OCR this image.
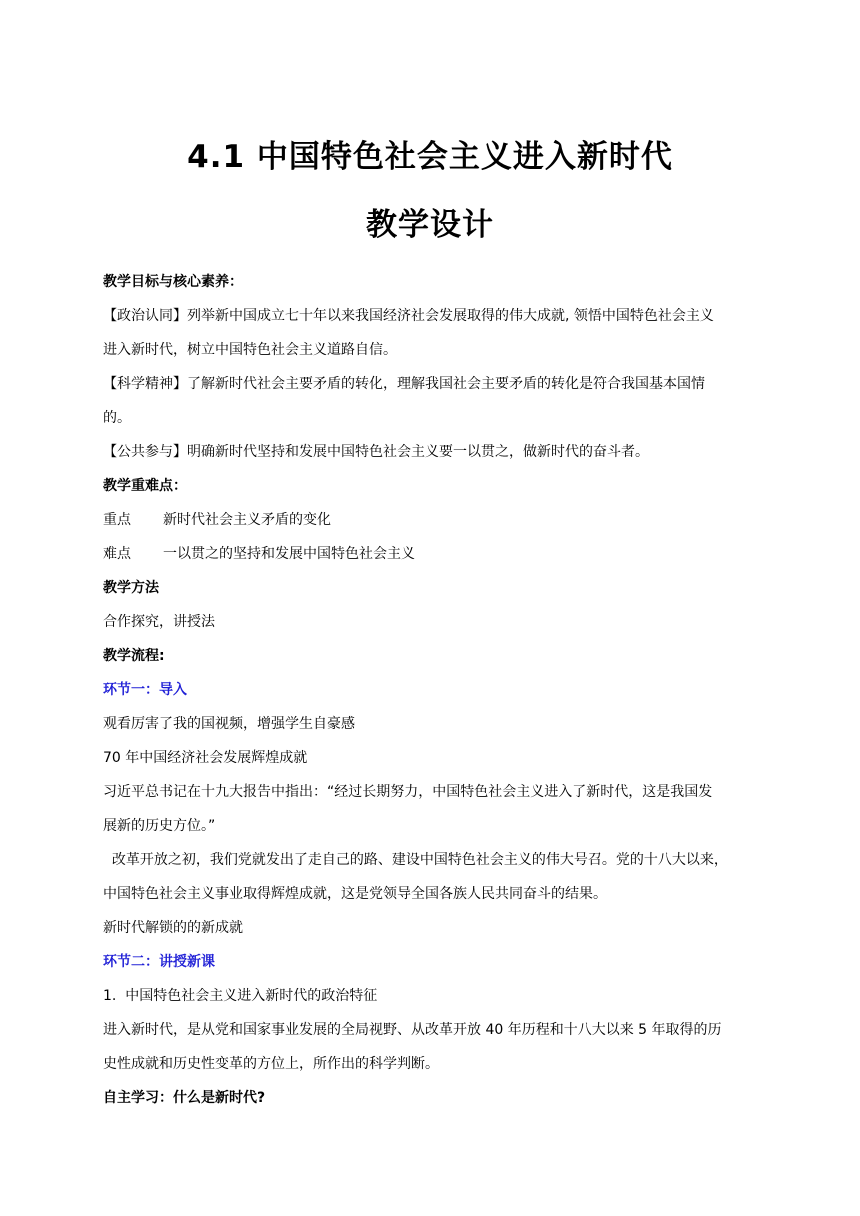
4.1 中国特色社会主义进入新时代
教学设计
教学目标与核心素养：
【政治认同】列举新中国成立七十年以来我国经济社会发展取得的伟大成就, 领悟中国特色社会主义
进入新时代，树立中国特色社会主义道路自信。
【科学精神】了解新时代社会主要矛盾的转化，理解我国社会主要矛盾的转化是符合我国基本国情
的。
【公共参与】明确新时代坚持和发展中国特色社会主义要一以贯之，做新时代的奋斗者。
教学重难点：
重点 新时代社会主义矛盾的变化
难点 一以贯之的坚持和发展中国特色社会主义
教学方法
合作探究，讲授法
教学流程:
环节一：导入
观看厉害了我的国视频，增强学生自豪感
70 年中国经济社会发展辉煌成就
习近平总书记在十九大报告中指出：“经过长期努力，中国特色社会主义进入了新时代，这是我国发
展新的历史方位。”
改革开放之初，我们党就发出了走自己的路、建设中国特色社会主义的伟大号召。党的十八大以来，
中国特色社会主义事业取得辉煌成就，这是党领导全国各族人民共同奋斗的结果。
新时代解锁的的新成就
环节二：讲授新课
1.  中国特色社会主义进入新时代的政治特征
进入新时代，是从党和国家事业发展的全局视野、从改革开放 40 年历程和十八大以来 5 年取得的历
史性成就和历史性变革的方位上，所作出的科学判断。
自主学习：什么是新时代?
